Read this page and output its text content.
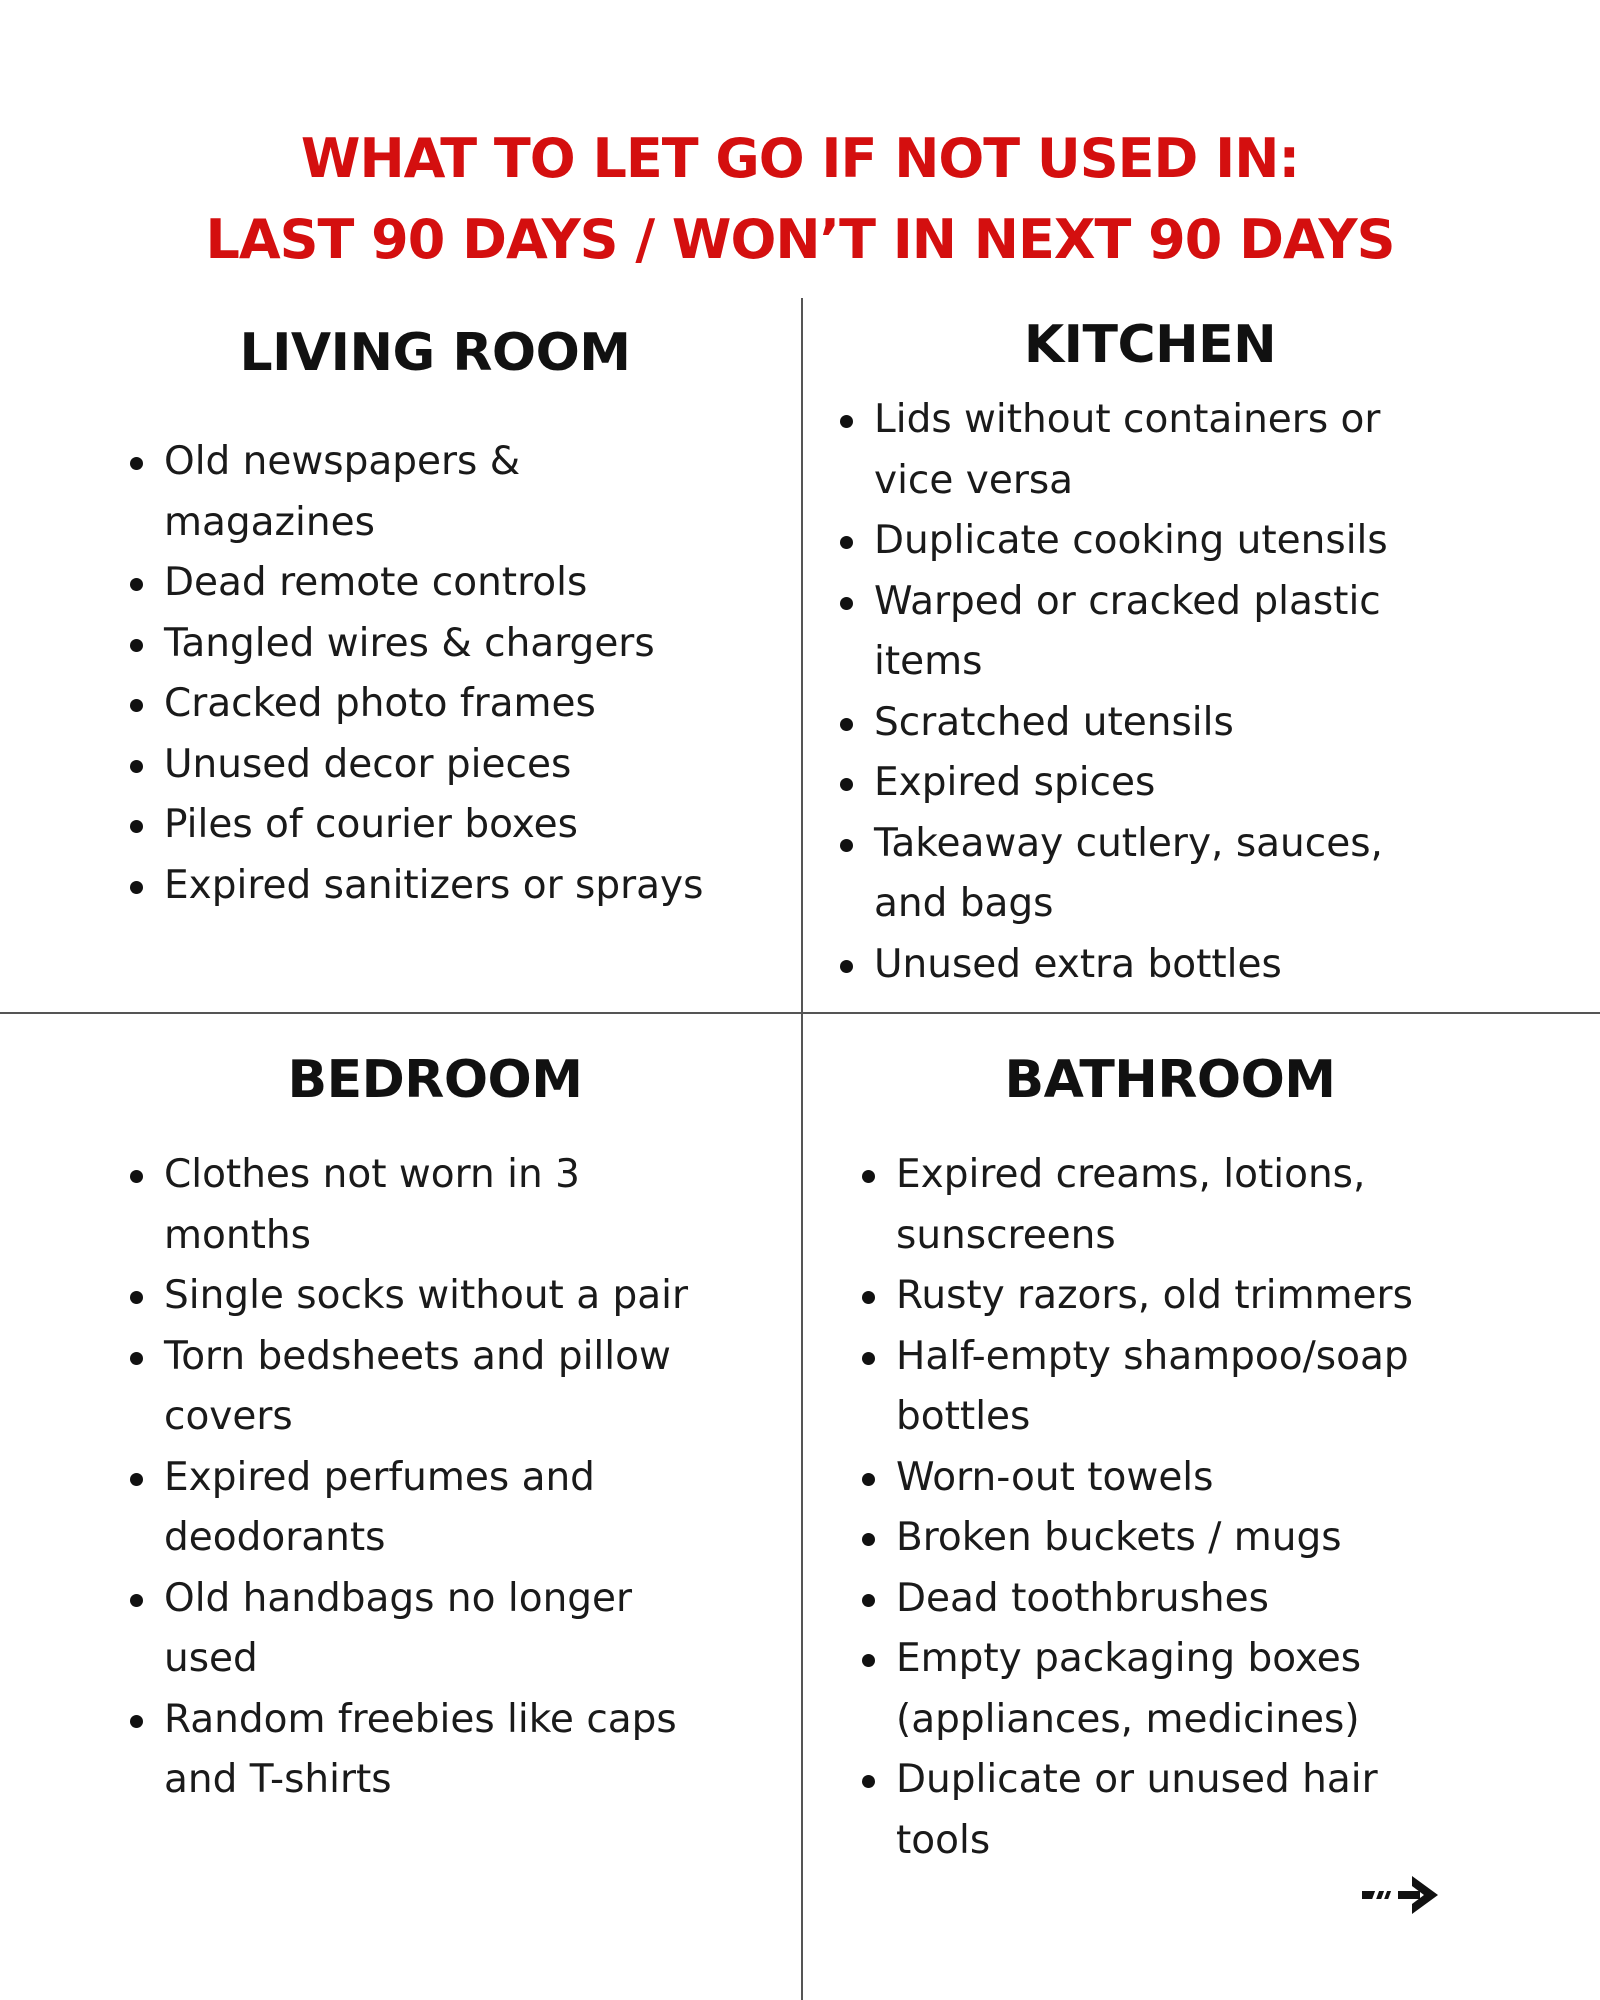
WHAT TO LET GO IF NOT USED IN:
LAST 90 DAYS / WON’T IN NEXT 90 DAYS
LIVING ROOM
Old newspapers & magazines
Dead remote controls
Tangled wires & chargers
Cracked photo frames
Unused decor pieces
Piles of courier boxes
Expired sanitizers or sprays
KITCHEN
Lids without containers or vice versa
Duplicate cooking utensils
Warped or cracked plastic items
Scratched utensils
Expired spices
Takeaway cutlery, sauces, and bags
Unused extra bottles
BEDROOM
Clothes not worn in 3 months
Single socks without a pair
Torn bedsheets and pillow covers
Expired perfumes and deodorants
Old handbags no longer used
Random freebies like caps and T-shirts
BATHROOM
Expired creams, lotions, sunscreens
Rusty razors, old trimmers
Half-empty shampoo/soap bottles
Worn-out towels
Broken buckets / mugs
Dead toothbrushes
Empty packaging boxes (appliances, medicines)
Duplicate or unused hair tools
